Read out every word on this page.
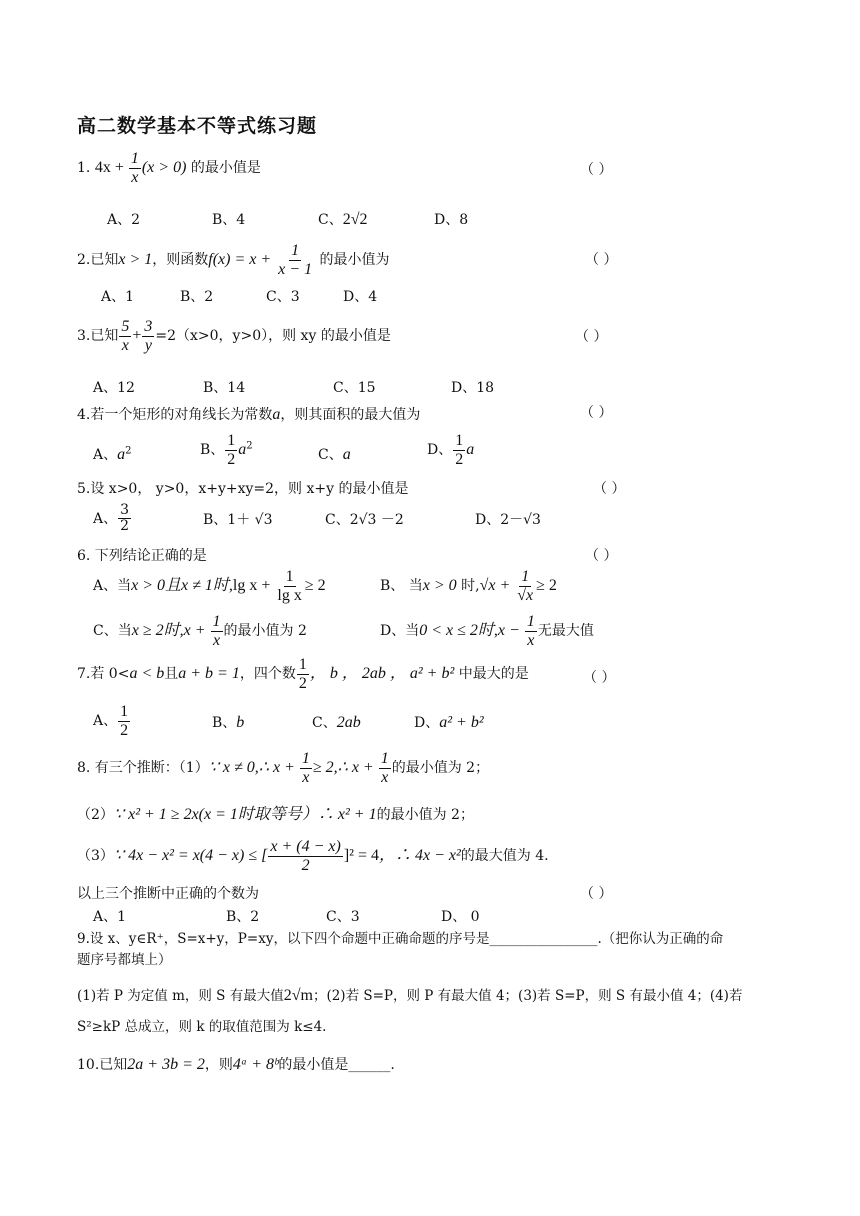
高二数学基本不等式练习题
1. $4x + \frac{1}{x} (x > 0)$ 的最小值是	（ ）
A、2	B、4	C、2√2	D、8
2.已知x > 1，则函数$f(x) = x + \frac{1}{x - 1}$ 的最小值为	（ ）
A、1	B、2	C、3	D、4
3.已知 $\frac{5}{x} + \frac{3}{y} =2(x>0$，y>0），则 xy 的最小值是	（ ）
A、12	B、14	C、15	D、18
4.若一个矩形的对角线长为常数a，则其面积的最大值为	（ ）
A、$a^2$	B、 $\frac{1}{2} a^2$
C、a	D、 $\frac{1}{2}$ a
5.设 x>0， y>0，x+y+xy=2，则 x+y 的最小值是	（ ）
A、 $\frac{3}{2}$	B、1＋ √3	C、2√3 －2	D、2－√3
6. 下列结论正确的是	（ ）
A、当x > 0且x ≠ 1时,lg $x + \frac{1}{\text{lg x}} \ge 2$	B、 当x > 0 时$,√x + \frac{1}{√x} \ge 2$
C、当x ≥ 2时$,x + \frac{1}{x}$ 的最小值为 2	D、当0 < x ≤ 2时$,x - \frac{1}{x}$ 无最大值
7.若 0<a < b且a + b = 1，四个数 $\frac{1}{2}$ ， b ， 2ab ， a² + b² 中最大的是	（ ）
A、 $\frac{1}{2}$	B、b	C、2ab	D、a² + b²
8. 有三个推断：（1）∵ x ≠ 0,∴ $x + \frac{1}{x}$ ≥ 2,∴ $x + \frac{1}{x}$ 的最小值为 2；
（2）∵ x² + 1 ≥ 2x(x = 1时取等号）∴ x² + 1的最小值为 2；
（3）∵ 4x − x² = x(4 − x) ≤ [ $\frac{x + (4 - x)}{2} ]^2 = 4$，∴ 4x − x²的最大值为 4.
以上三个推断中正确的个数为	（ ）
A、1	B、2	C、3	D、 0
9.设 x、y∈R⁺，S=x+y，P=xy，以下四个命题中正确命题的序号是________________.（把你认为正确的命
题序号都填上）
(1)若 P 为定值 m，则 S 有最大值2√m；(2)若 S=P，则 P 有最大值 4；(3)若 S=P，则 S 有最小值 4；(4)若
S²≥kP 总成立，则 k 的取值范围为 k≤4.
10.已知2a + 3b = 2，则4ᵃ + 8ᵇ的最小值是______.
